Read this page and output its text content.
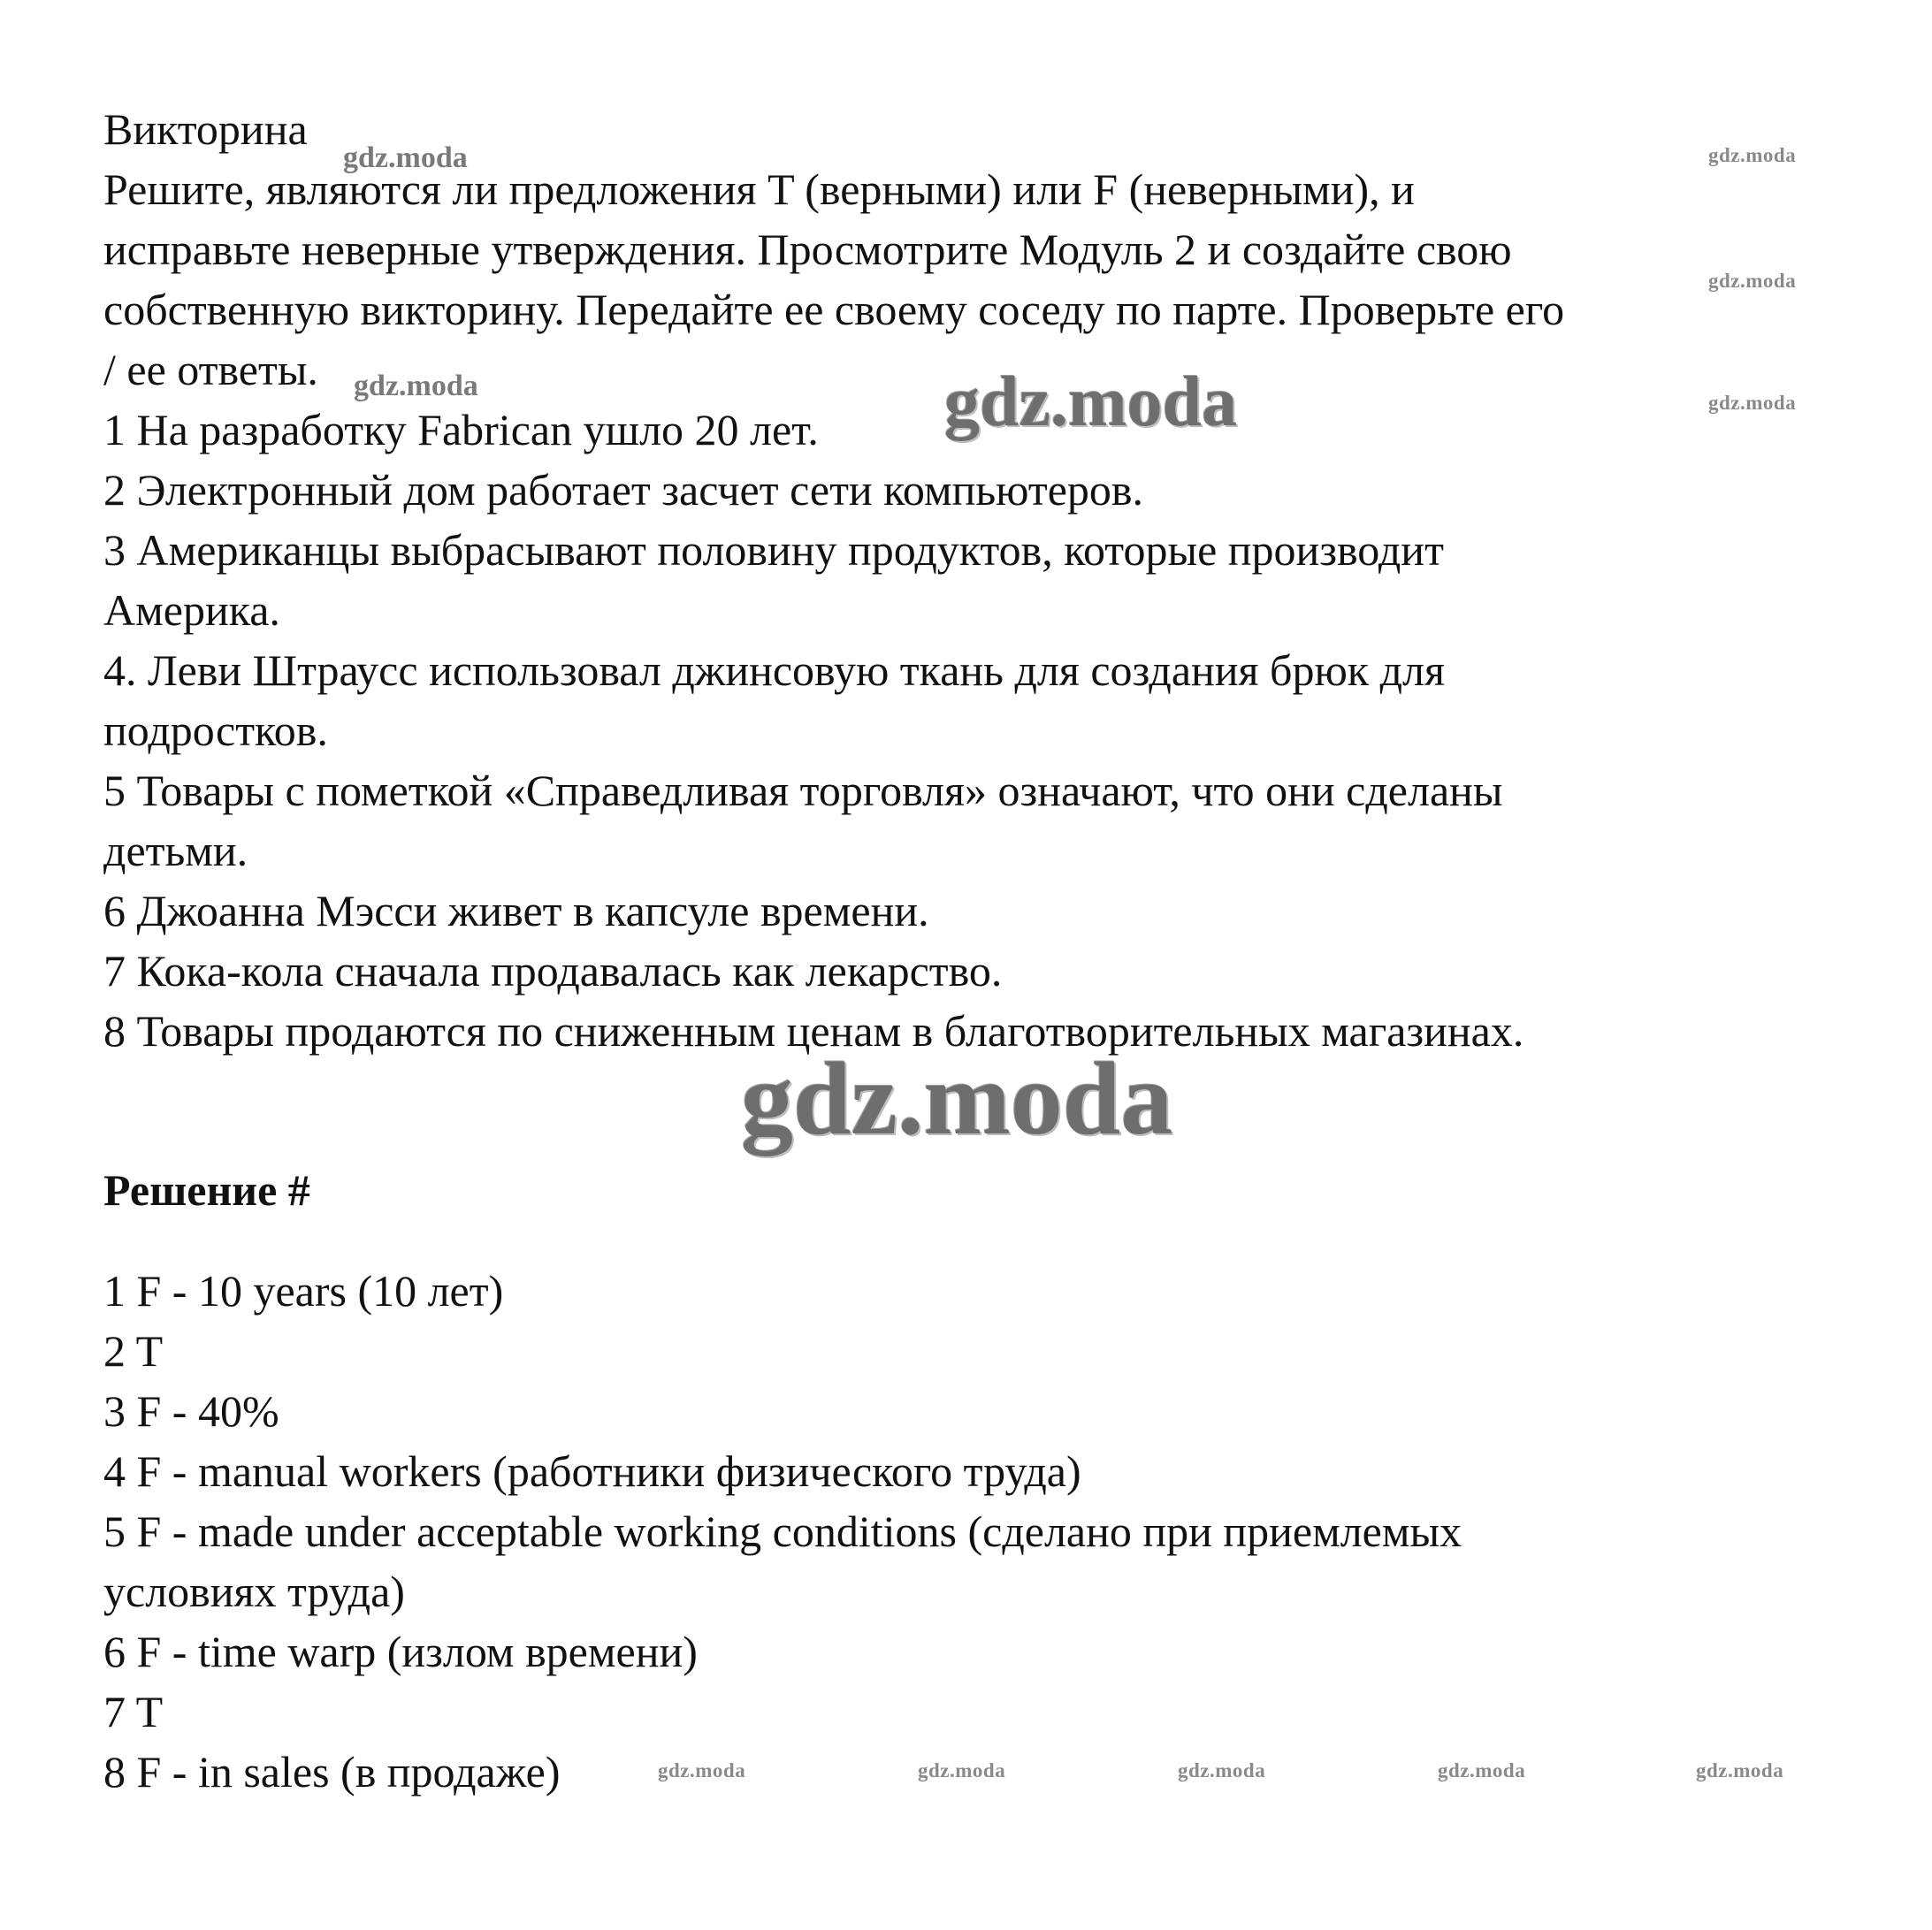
Викторина

Решите, являются ли предложения T (верными) или F (неверными), и

исправьте неверные утверждения. Просмотрите Модуль 2 и создайте свою

собственную викторину. Передайте ее своему соседу по парте. Проверьте его

/ ее ответы.

1 На разработку Fabrican ушло 20 лет.

2 Электронный дом работает засчет сети компьютеров.

3 Американцы выбрасывают половину продуктов, которые производит

Америка.

4. Леви Штраусс использовал джинсовую ткань для создания брюк для

подростков.

5 Товары с пометкой «Справедливая торговля» означают, что они сделаны

детьми.

6 Джоанна Мэсси живет в капсуле времени.

7 Кока-кола сначала продавалась как лекарство.

8 Товары продаются по сниженным ценам в благотворительных магазинах.

Решение #

1 F - 10 years (10 лет)

2 T

3 F - 40%

4 F - manual workers (работники физического труда)

5 F - made under acceptable working conditions (сделано при приемлемых

условиях труда)

6 F - time warp (излом времени)

7 T

8 F - in sales (в продаже)

gdz.moda	gdz.moda
gdz.moda
gdz.moda
gdz.moda
gdz.moda
gdz.moda
gdz.moda	gdz.moda	gdz.moda	gdz.moda	gdz.moda
